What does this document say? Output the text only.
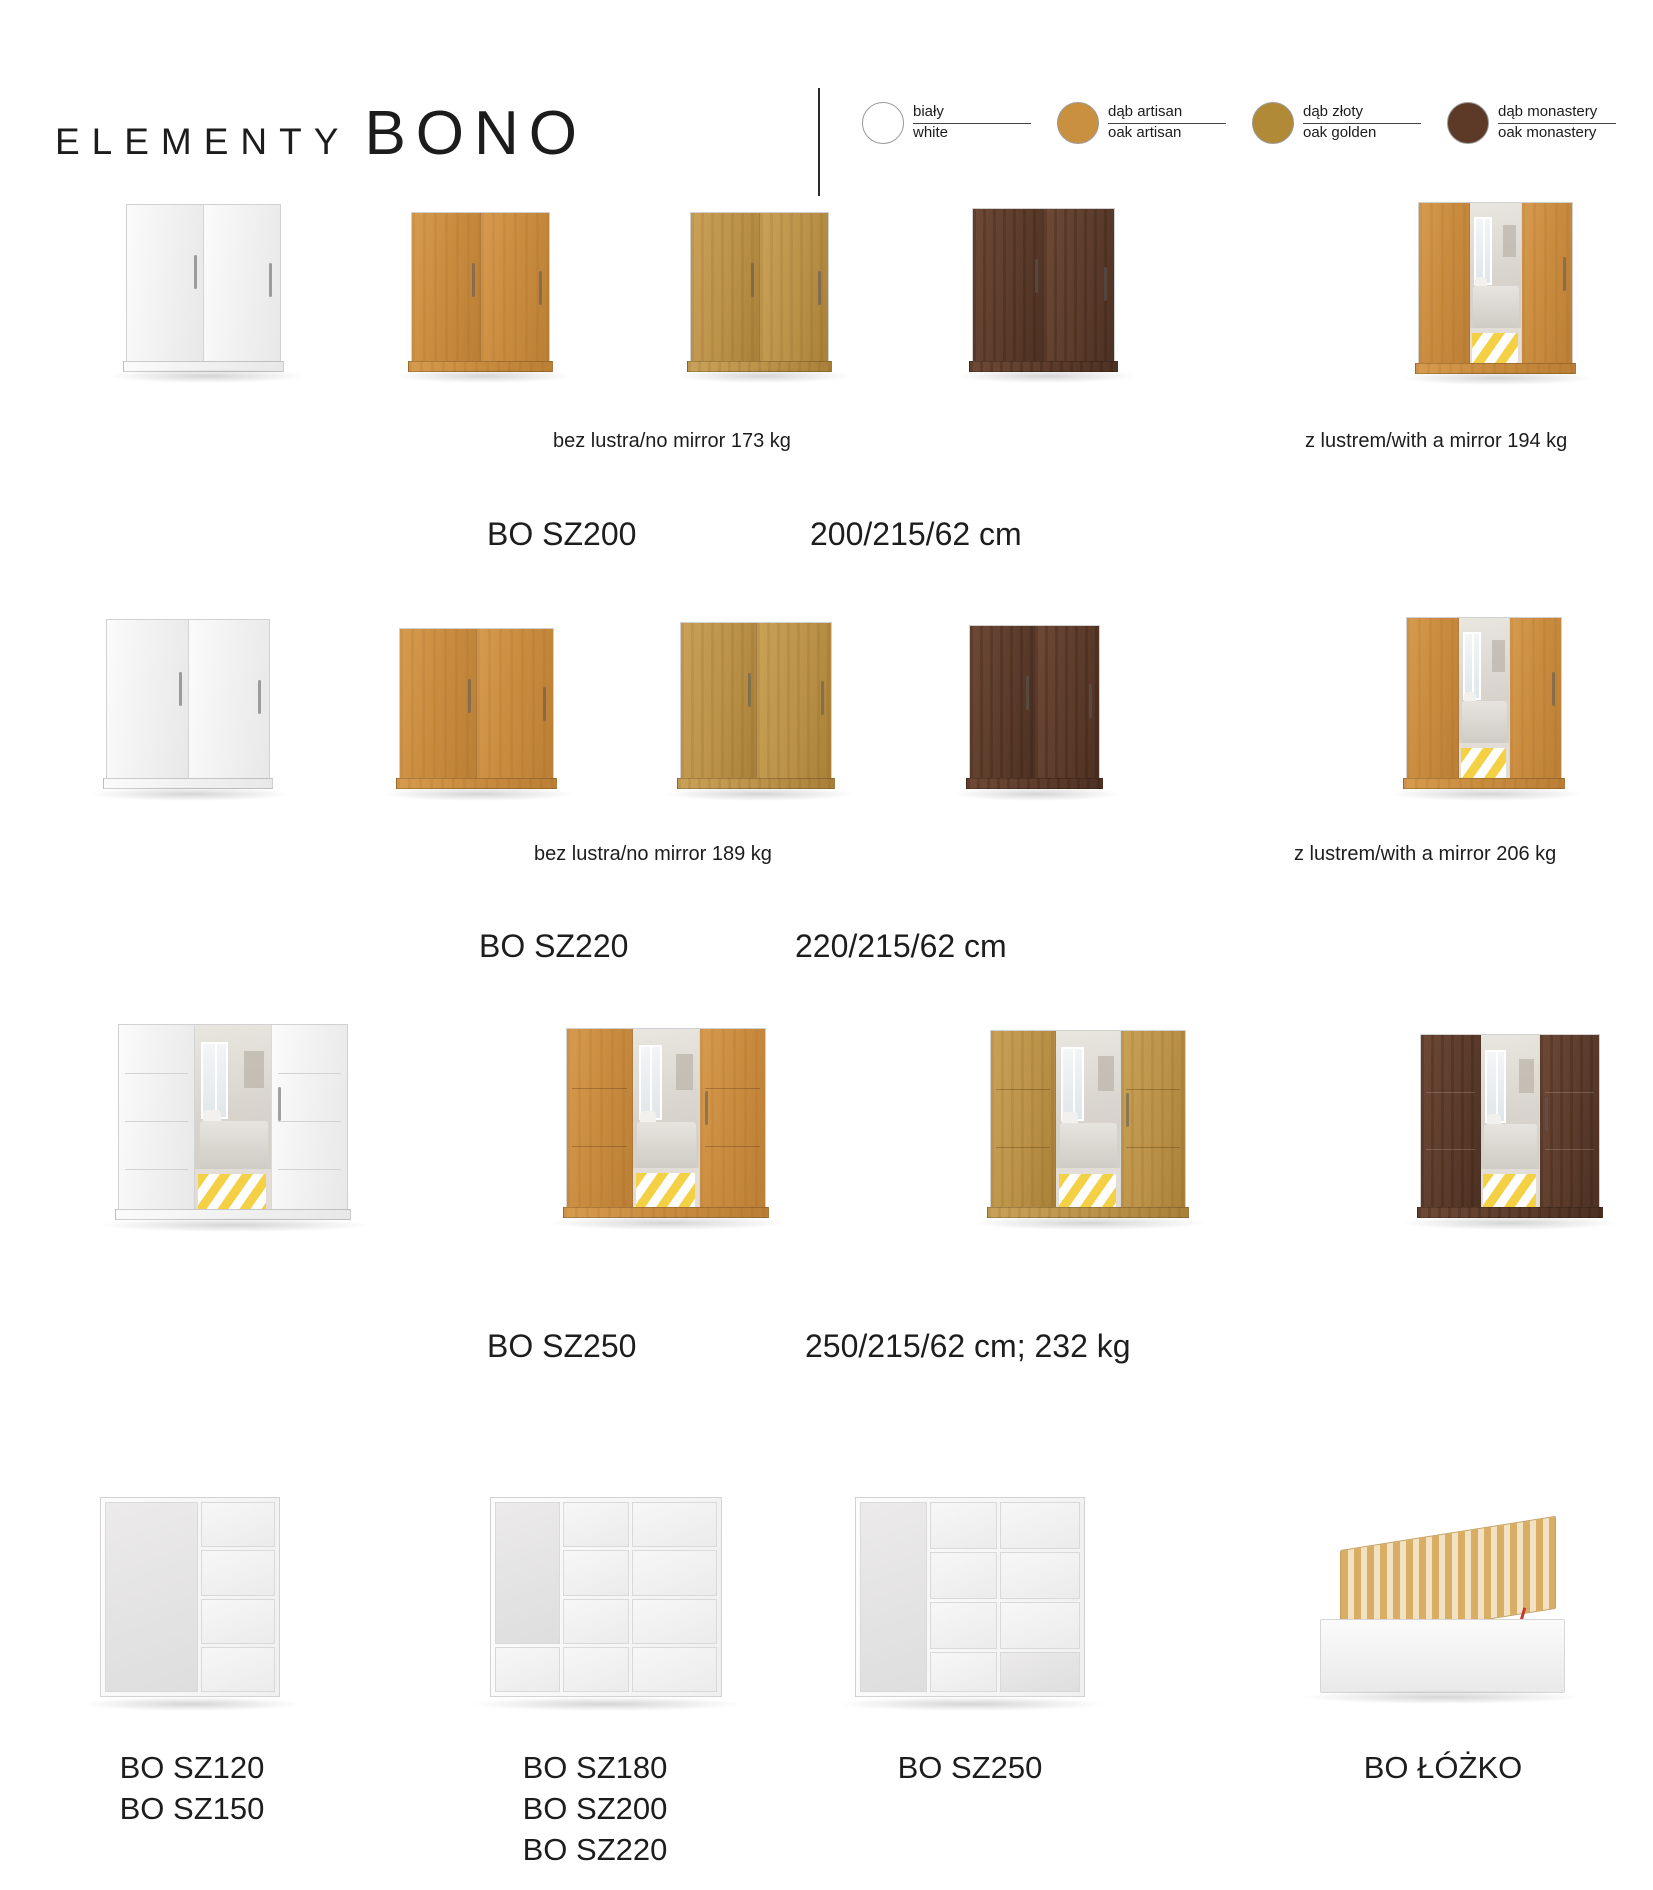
ELEMENTY BONO	biały
white
dąb artisan
oak artisan
dąb złoty
oak golden
dąb monastery
oak monastery
bez lustra/no mirror 173 kg	z lustrem/with a mirror 194 kg
BO SZ200	200/215/62 cm
bez lustra/no mirror 189 kg	z lustrem/with a mirror 206 kg
BO SZ220	220/215/62 cm
BO SZ250	250/215/62 cm; 232 kg
BO SZ120
BO SZ150
BO SZ180
BO SZ200
BO SZ220
BO SZ250	BO ŁÓŻKO
